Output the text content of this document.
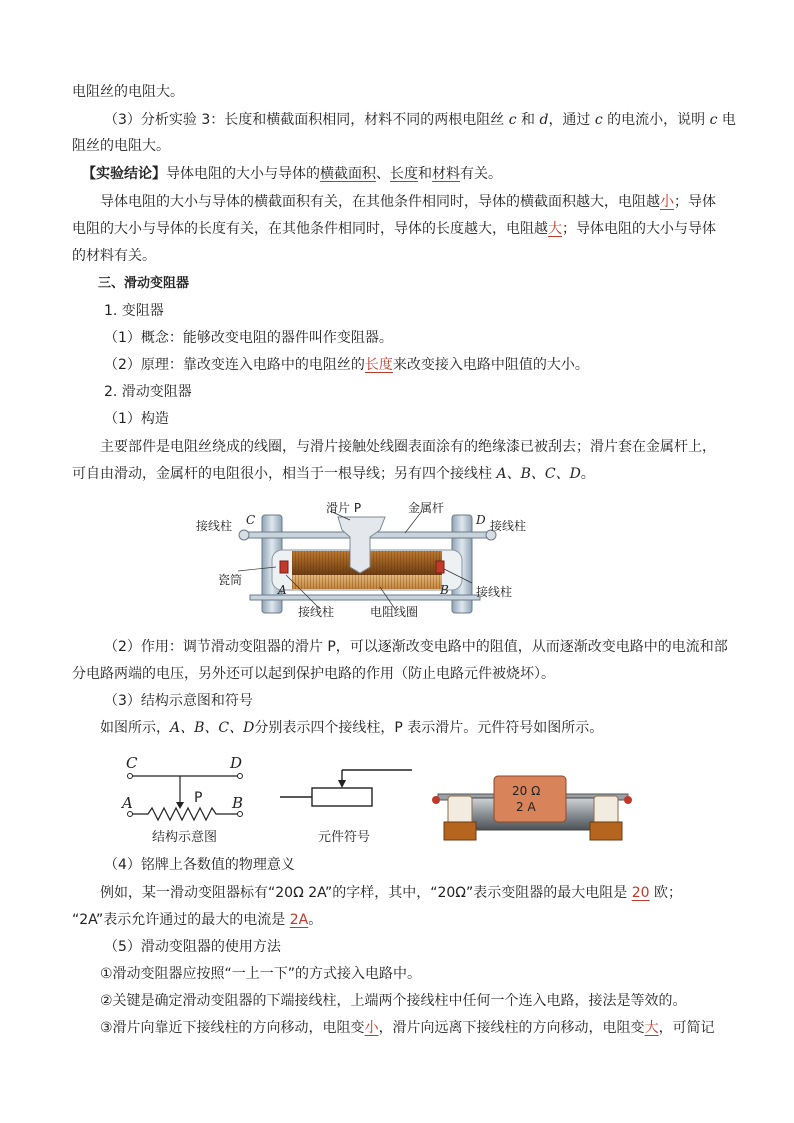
电阻丝的电阻大。
（3）分析实验 3：长度和横截面积相同，材料不同的两根电阻丝 c 和 d，通过 c 的电流小，说明 c 电
阻丝的电阻大。
【实验结论】导体电阻的大小与导体的横截面积、长度和材料有关。
导体电阻的大小与导体的横截面积有关，在其他条件相同时，导体的横截面积越大，电阻越小；导体
电阻的大小与导体的长度有关，在其他条件相同时，导体的长度越大，电阻越大；导体电阻的大小与导体
的材料有关。
三、滑动变阻器
1. 变阻器
（1）概念：能够改变电阻的器件叫作变阻器。
（2）原理：靠改变连入电路中的电阻丝的长度来改变接入电路中阻值的大小。
2. 滑动变阻器
（1）构造
主要部件是电阻丝绕成的线圈，与滑片接触处线圈表面涂有的绝缘漆已被刮去；滑片套在金属杆上，
可自由滑动，金属杆的电阻很小，相当于一根导线；另有四个接线柱 A、B、C、D。
滑片 P	金属杆
接线柱 C	D 接线柱
瓷筒
A	B 接线柱
接线柱	电阻线圈
（2）作用：调节滑动变阻器的滑片 P，可以逐渐改变电路中的阻值，从而逐渐改变电路中的电流和部
分电路两端的电压，另外还可以起到保护电路的作用（防止电路元件被烧坏）。
（3）结构示意图和符号
如图所示，A、B、C、D分别表示四个接线柱，P 表示滑片。元件符号如图所示。
C	D
A	P B
结构示意图	元件符号
20 Ω
2 A
（4）铭牌上各数值的物理意义
例如，某一滑动变阻器标有“20Ω 2A”的字样，其中，“20Ω”表示变阻器的最大电阻是 20 欧；
“2A”表示允许通过的最大的电流是 2A。
（5）滑动变阻器的使用方法
①滑动变阻器应按照“一上一下”的方式接入电路中。
②关键是确定滑动变阻器的下端接线柱，上端两个接线柱中任何一个连入电路，接法是等效的。
③滑片向靠近下接线柱的方向移动，电阻变小，滑片向远离下接线柱的方向移动，电阻变大，可简记
